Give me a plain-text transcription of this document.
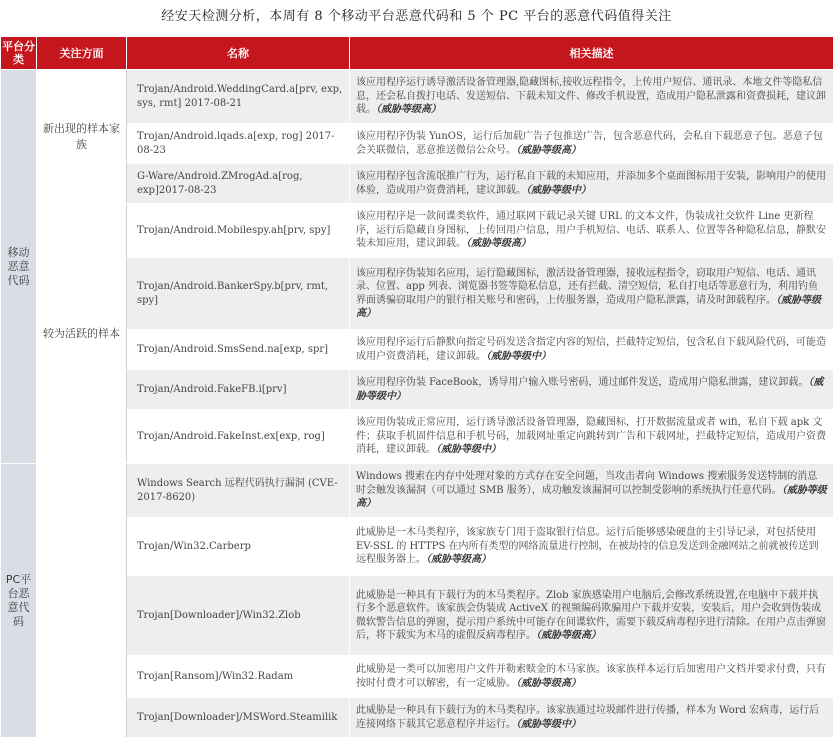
经安天检测分析，本周有 8 个移动平台恶意代码和 5 个 PC 平台的恶意代码值得关注
平台分类	关注方面	名称	相关描述
移动恶意代码	新出现的样本家族	Trojan/Android.WeddingCard.a[prv, exp, sys, rmt] 2017-08-21	该应用程序运行诱导激活设备管理器,隐藏图标,接收远程指令，上传用户短信、通讯录、本地文件等隐私信息，还会私自拨打电话、发送短信、下载未知文件、修改手机设置，造成用户隐私泄露和资费损耗，建议卸载。（威胁等级高）
		Trojan/Android.lqads.a[exp, rog] 2017-08-23	该应用程序伪装 YunOS，运行后加载广告子包推送广告，包含恶意代码，会私自下载恶意子包。恶意子包会关联微信，恶意推送微信公众号。（威胁等级高）
		G-Ware/Android.ZMrogAd.a[rog, exp]2017-08-23	该应用程序包含流氓推广行为，运行私自下载的未知应用，并添加多个桌面图标用于安装，影响用户的使用体验，造成用户资费消耗，建议卸载。（威胁等级中）
	较为活跃的样本	Trojan/Android.Mobilespy.ah[prv, spy]	该应用程序是一款间谍类软件，通过联网下载记录关键 URL 的文本文件，伪装成社交软件 Line 更新程序，运行后隐藏自身图标，上传回用户信息，用户手机短信、电话、联系人、位置等各种隐私信息，静默安装未知应用，建议卸载。（威胁等级高）
		Trojan/Android.BankerSpy.b[prv, rmt, spy]	该应用程序伪装知名应用，运行隐藏图标，激活设备管理器，接收远程指令，窃取用户短信、电话、通讯录、位置、app 列表、浏览器书签等隐私信息，还有拦截、清空短信，私自打电话等恶意行为，利用钓鱼界面诱骗窃取用户的银行相关账号和密码，上传服务器，造成用户隐私泄露，请及时卸载程序。（威胁等级高）
		Trojan/Android.SmsSend.na[exp, spr]	该应用程序运行后静默向指定号码发送含指定内容的短信，拦截特定短信，包含私自下载风险代码，可能造成用户资费消耗，建议卸载。（威胁等级中）
		Trojan/Android.FakeFB.i[prv]	该应用程序伪装 FaceBook，诱导用户输入账号密码，通过邮件发送，造成用户隐私泄露，建议卸载。（威胁等级中）
		Trojan/Android.FakeInst.ex[exp, rog]	该应用伪装成正常应用，运行诱导激活设备管理器，隐藏图标，打开数据流量或者 wifi，私自下载 apk 文件；获取手机固件信息和手机号码，加载网址重定向跳转到广告和下载网址，拦截特定短信，造成用户资费消耗，建议卸载。（威胁等级中）
PC平台恶意代码		Windows Search 远程代码执行漏洞 (CVE-2017-8620)	Windows 搜索在内存中处理对象的方式存在安全问题，当攻击者向 Windows 搜索服务发送特制的消息时会触发该漏洞（可以通过 SMB 服务），成功触发该漏洞可以控制受影响的系统执行任意代码。（威胁等级高）
		Trojan/Win32.Carberp	此威胁是一木马类程序，该家族专门用于盗取银行信息。运行后能够感染硬盘的主引导记录，对包括使用 EV-SSL 的 HTTPS 在内所有类型的网络流量进行控制，在被劫持的信息发送到金融网站之前就被传送到远程服务器上。（威胁等级高）
		Trojan[Downloader]/Win32.Zlob	此威胁是一种具有下载行为的木马类程序。Zlob 家族感染用户电脑后,会修改系统设置,在电脑中下载并执行多个恶意软件。该家族会伪装成 ActiveX 的视频编码欺骗用户下载并安装，安装后，用户会收到伪装成微软警告信息的弹窗，提示用户系统中可能存在间谍软件，需要下载反病毒程序进行清除。在用户点击弹窗后，将下载实为木马的虚假反病毒程序。（威胁等级高）
		Trojan[Ransom]/Win32.Radam	此威胁是一类可以加密用户文件并勒索赎金的木马家族。该家族样本运行后加密用户文档并要求付费，只有按时付费才可以解密，有一定威胁。（威胁等级高）
		Trojan[Downloader]/MSWord.Steamilik	此威胁是一种具有下载行为的木马类程序。该家族通过垃圾邮件进行传播，样本为 Word 宏病毒，运行后连接网络下载其它恶意程序并运行。（威胁等级中）
